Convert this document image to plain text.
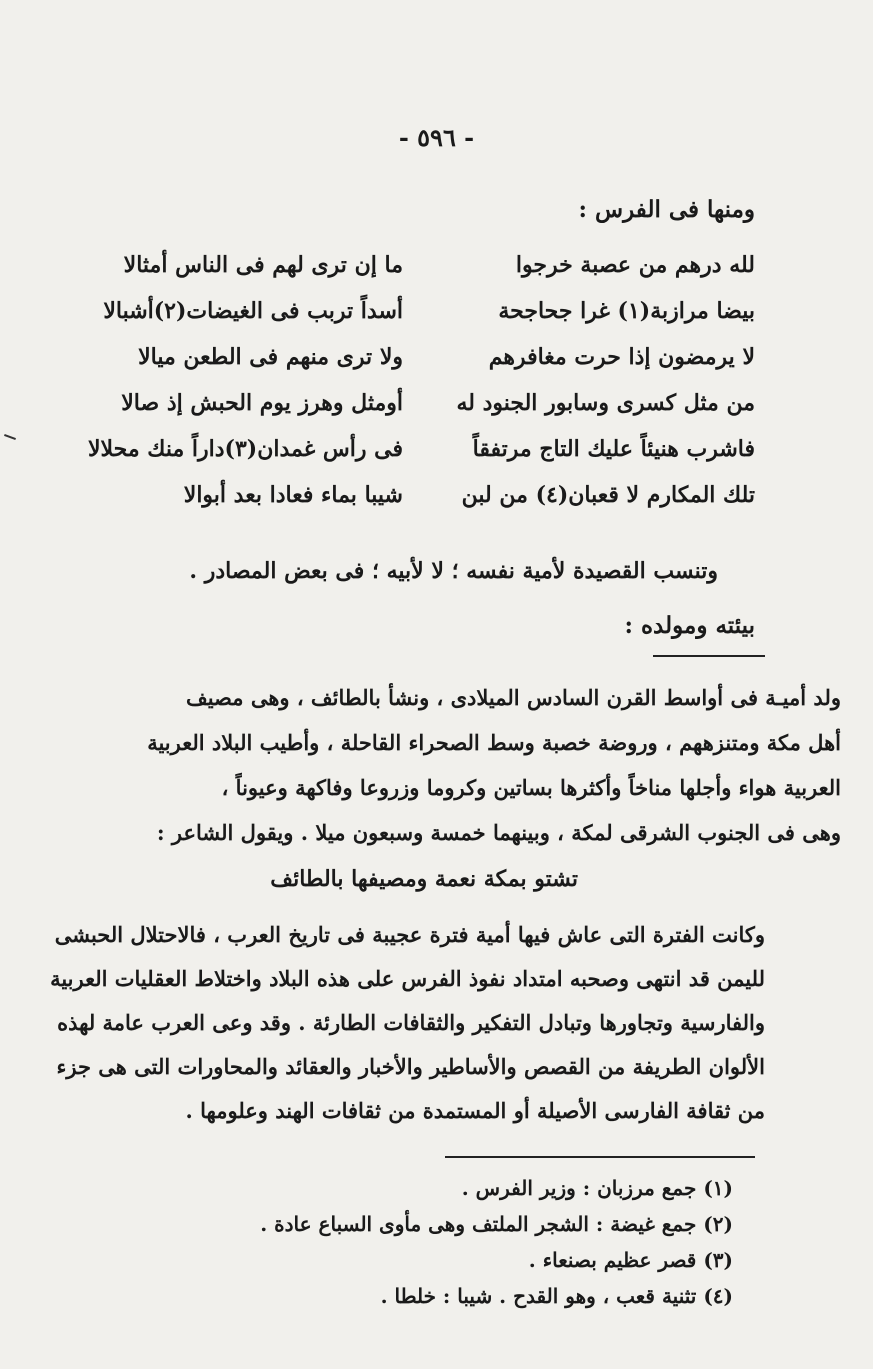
- ٥٩٦ -
ومنها فى الفرس :
لله درهم من عصبة خرجوا
ما إن ترى لهم فى الناس أمثالا
بيضا مرازبة(١) غرا جحاجحة
أسداً تربب فى الغيضات(٢)أشبالا
لا يرمضون إذا حرت مغافرهم
ولا ترى منهم فى الطعن ميالا
من مثل كسرى وسابور الجنود له
أومثل وهرز يوم الحبش إذ صالا
فاشرب هنيئاً عليك التاج مرتفقاً
فى رأس غمدان(٣)داراً منك محلالا
تلك المكارم لا قعبان(٤) من لبن
شيبا بماء فعادا بعد أبوالا
وتنسب القصيدة لأمية نفسه ؛ لا لأبيه ؛ فى بعض المصادر .
بيئته ومولده :

ولد أميـة فى أواسط القرن السادس الميلادى ، ونشأ بالطائف ، وهى مصيف

أهل مكة ومتنزههم ، وروضة خصبة وسط الصحراء القاحلة ، وأطيب البلاد العربية

العربية هواء وأجلها مناخاً وأكثرها بساتين وكروما وزروعا وفاكهة وعيوناً ،

وهى فى الجنوب الشرقى لمكة ، وبينهما خمسة وسبعون ميلا . ويقول الشاعر :

تشتو بمكة نعمة ومصيفها بالطائف

وكانت الفترة التى عاش فيها أمية فترة عجيبة فى تاريخ العرب ، فالاحتلال الحبشى

لليمن قد انتهى وصحبه امتداد نفوذ الفرس على هذه البلاد واختلاط العقليات العربية

والفارسية وتجاورها وتبادل التفكير والثقافات الطارئة . وقد وعى العرب عامة لهذه

الألوان الطريفة من القصص والأساطير والأخبار والعقائد والمحاورات التى هى جزء

من ثقافة الفارسى الأصيلة أو المستمدة من ثقافات الهند وعلومها .

(١) جمع مرزبان : وزير الفرس .
(٢) جمع غيضة : الشجر الملتف وهى مأوى السباع عادة .
(٣) قصر عظيم بصنعاء .
(٤) تثنية قعب ، وهو القدح . شيبا : خلطا .
